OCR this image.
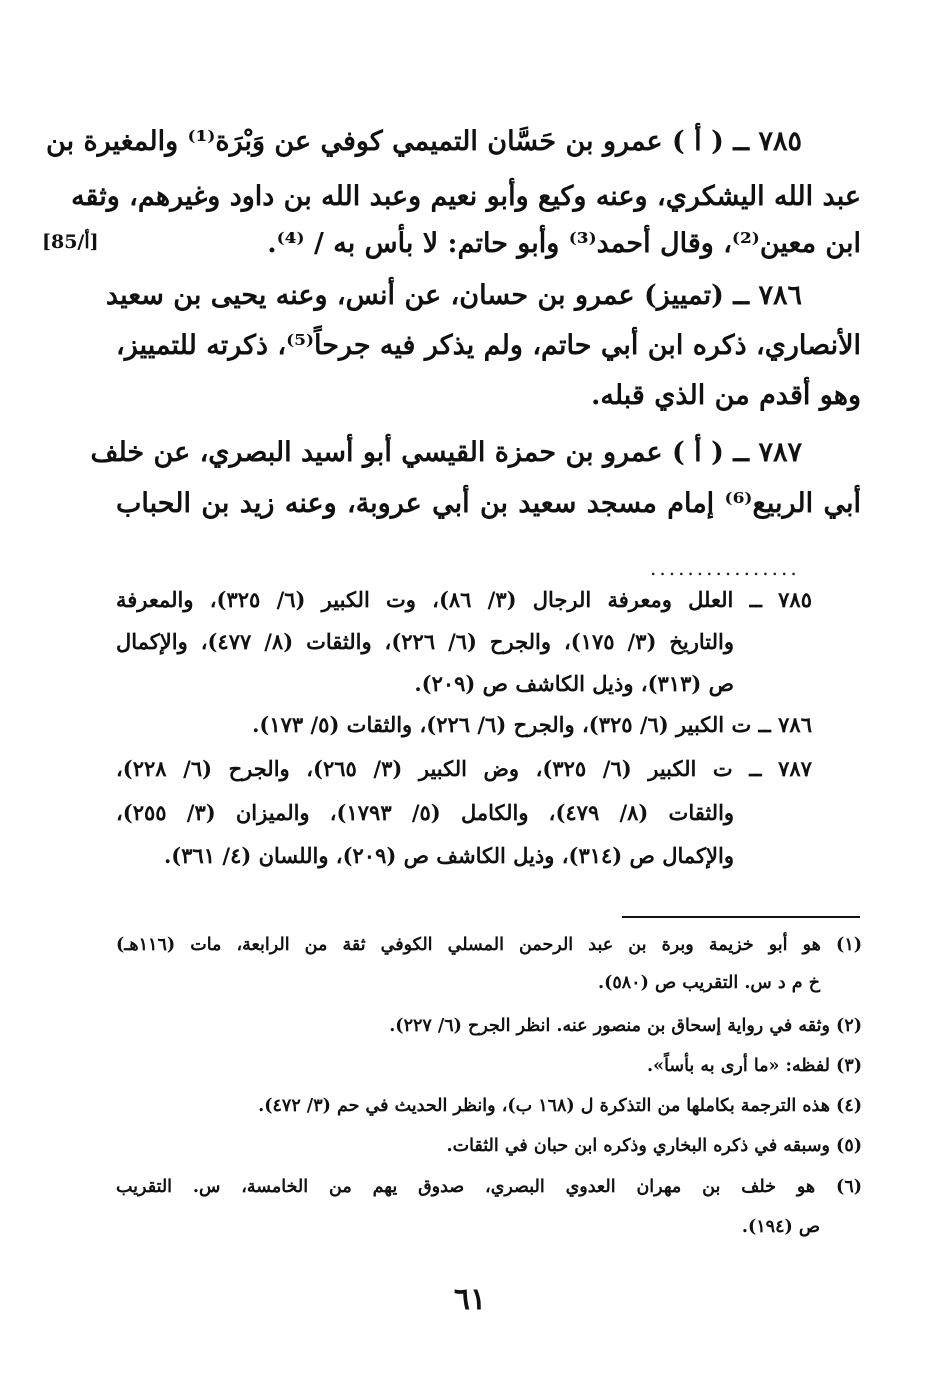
٧٨٥ ــ ( أ ) عمرو بن حَسَّان التميمي كوفي عن وَبْرَة⁽¹⁾ والمغيرة بن
عبد الله اليشكري، وعنه وكيع وأبو نعيم وعبد الله بن داود وغيرهم، وثقه
ابن معين⁽²⁾، وقال أحمد⁽³⁾ وأبو حاتم: لا بأس به / ⁽⁴⁾.
[85/أ]
٧٨٦ ــ (تمييز) عمرو بن حسان، عن أنس، وعنه يحيى بن سعيد
الأنصاري، ذكره ابن أبي حاتم، ولم يذكر فيه جرحاً⁽⁵⁾، ذكرته للتمييز،
وهو أقدم من الذي قبله.
٧٨٧ ــ ( أ ) عمرو بن حمزة القيسي أبو أسيد البصري، عن خلف
أبي الربيع⁽⁶⁾ إمام مسجد سعيد بن أبي عروبة، وعنه زيد بن الحباب
................
٧٨٥ ــ العلل ومعرفة الرجال (٣/ ٨٦)، وت الكبير (٦/ ٣٢٥)، والمعرفة
والتاريخ (٣/ ١٧٥)، والجرح (٦/ ٢٢٦)، والثقات (٨/ ٤٧٧)، والإكمال
ص (٣١٣)، وذيل الكاشف ص (٢٠٩).
٧٨٦ ــ ت الكبير (٦/ ٣٢٥)، والجرح (٦/ ٢٢٦)، والثقات (٥/ ١٧٣).
٧٨٧ ــ ت الكبير (٦/ ٣٢٥)، وض الكبير (٣/ ٢٦٥)، والجرح (٦/ ٢٢٨)،
والثقات (٨/ ٤٧٩)، والكامل (٥/ ١٧٩٣)، والميزان (٣/ ٢٥٥)،
والإكمال ص (٣١٤)، وذيل الكاشف ص (٢٠٩)، واللسان (٤/ ٣٦١).
(١) هو أبو خزيمة وبرة بن عبد الرحمن المسلي الكوفي ثقة من الرابعة، مات (١١٦هـ)
خ م د س. التقريب ص (٥٨٠).
(٢) وثقه في رواية إسحاق بن منصور عنه. انظر الجرح (٦/ ٢٢٧).
(٣) لفظه: «ما أرى به بأساً».
(٤) هذه الترجمة بكاملها من التذكرة ل (١٦٨ ب)، وانظر الحديث في حم (٣/ ٤٧٢).
(٥) وسبقه في ذكره البخاري وذكره ابن حبان في الثقات.
(٦) هو خلف بن مهران العدوي البصري، صدوق يهم من الخامسة، س. التقريب
ص (١٩٤).
٦١
